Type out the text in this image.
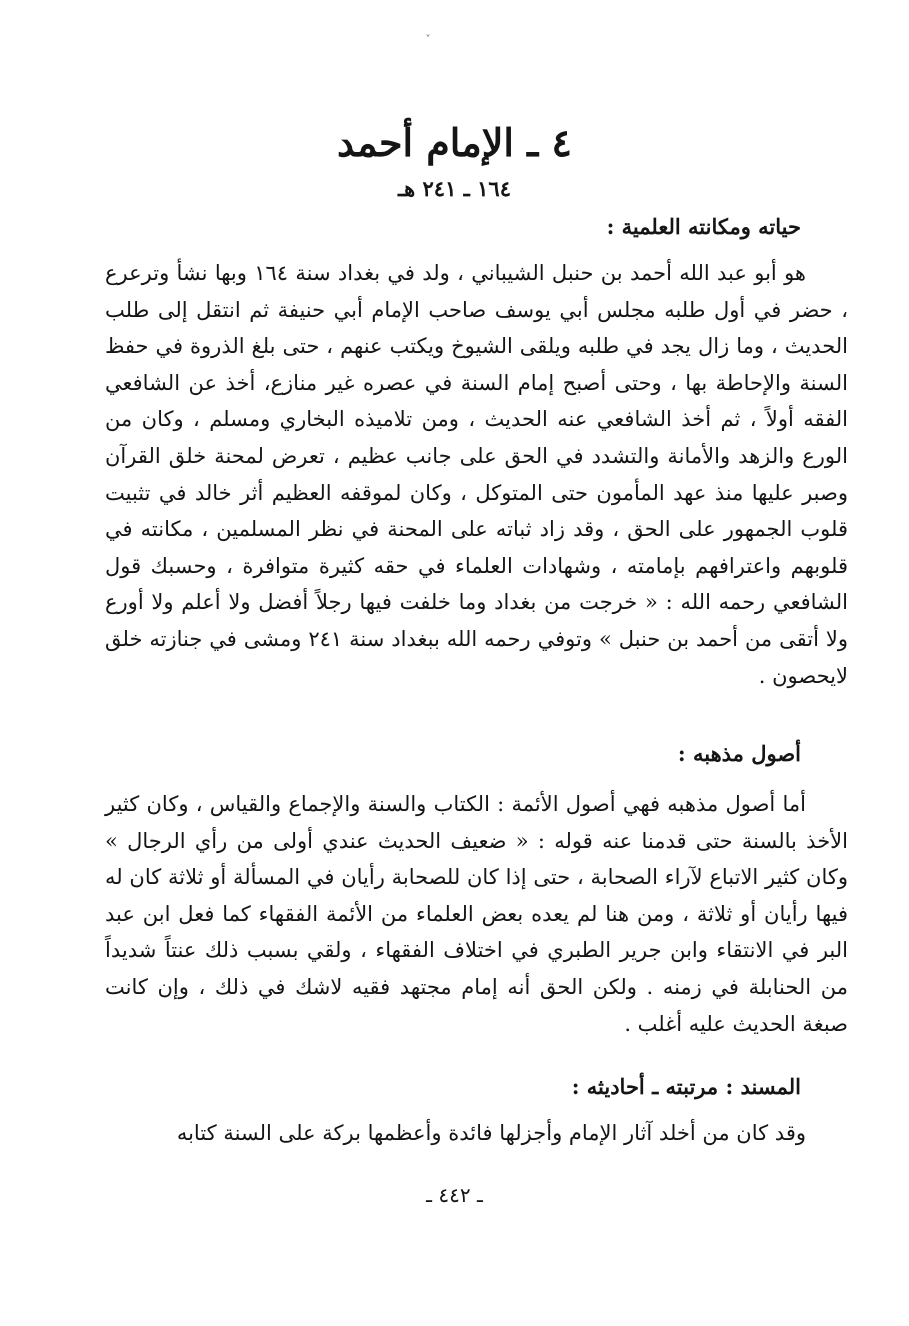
ˇ
٤ ـ الإمام أحمد
١٦٤ ـ ٢٤١ هـ
حياته ومكانته العلمية :

هو أبو عبد الله أحمد بن حنبل الشيباني ، ولد في بغداد سنة ١٦٤ وبها نشأ وترعرع ، حضر في أول طلبه مجلس أبي يوسف صاحب الإمام أبي حنيفة ثم انتقل إلى طلب الحديث ، وما زال يجد في طلبه ويلقى الشيوخ ويكتب عنهم ، حتى بلغ الذروة في حفظ السنة والإحاطة بها ، وحتى أصبح إمام السنة في عصره غير منازع، أخذ عن الشافعي الفقه أولاً ، ثم أخذ الشافعي عنه الحديث ، ومن تلاميذه البخاري ومسلم ، وكان من الورع والزهد والأمانة والتشدد في الحق على جانب عظيم ، تعرض لمحنة خلق القرآن وصبر عليها منذ عهد المأمون حتى المتوكل ، وكان لموقفه العظيم أثر خالد في تثبيت قلوب الجمهور على الحق ، وقد زاد ثباته على المحنة في نظر المسلمين ، مكانته في قلوبهم واعترافهم بإمامته ، وشهادات العلماء في حقه كثيرة متوافرة ، وحسبك قول الشافعي رحمه الله : « خرجت من بغداد وما خلفت فيها رجلاً أفضل ولا أعلم ولا أورع ولا أتقى من أحمد بن حنبل » وتوفي رحمه الله ببغداد سنة ٢٤١ ومشى في جنازته خلق لايحصون .

أصول مذهبه :

أما أصول مذهبه فهي أصول الأئمة : الكتاب والسنة والإجماع والقياس ، وكان كثير الأخذ بالسنة حتى قدمنا عنه قوله : « ضعيف الحديث عندي أولى من رأي الرجال » وكان كثير الاتباع لآراء الصحابة ، حتى إذا كان للصحابة رأيان في المسألة أو ثلاثة كان له فيها رأيان أو ثلاثة ، ومن هنا لم يعده بعض العلماء من الأئمة الفقهاء كما فعل ابن عبد البر في الانتقاء وابن جرير الطبري في اختلاف الفقهاء ، ولقي بسبب ذلك عنتاً شديداً من الحنابلة في زمنه . ولكن الحق أنه إمام مجتهد فقيه لاشك في ذلك ، وإن كانت صبغة الحديث عليه أغلب .

المسند : مرتبته ـ أحاديثه :

وقد كان من أخلد آثار الإمام وأجزلها فائدة وأعظمها بركة على السنة كتابه

ـ ٤٤٢ ـ
